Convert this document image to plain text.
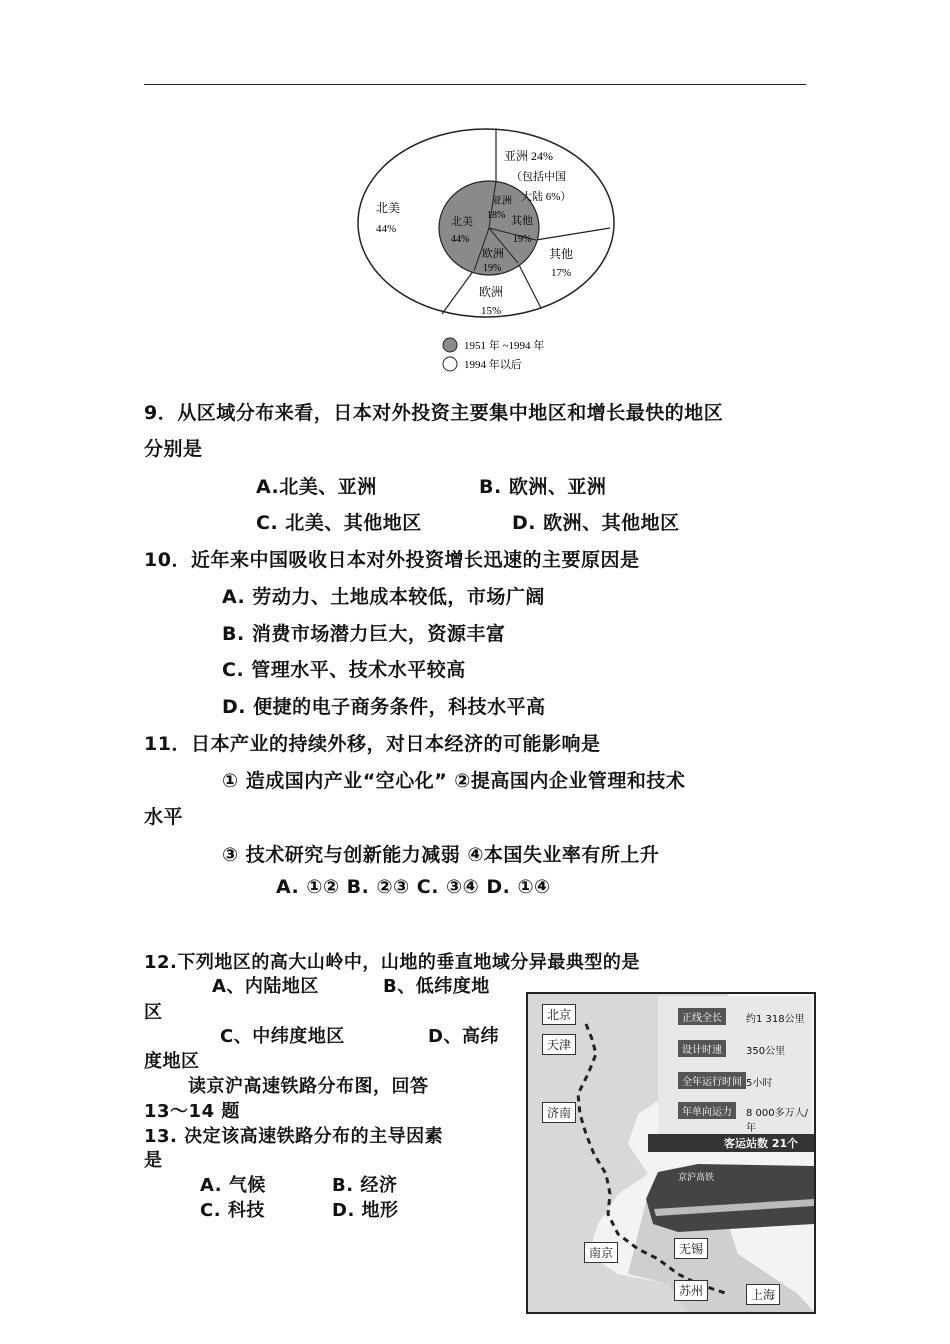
北美
44%
亚洲 24%
（包括中国
大陆 6%）
其他
17%
欧洲
15%
北美
44%
亚洲
18% 其他
19%
欧洲
19%
1951 年 ~1994 年
1994 年以后
9．从区域分布来看，日本对外投资主要集中地区和增长最快的地区
分别是
A.北美、亚洲	B. 欧洲、亚洲
C. 北美、其他地区	D. 欧洲、其他地区
10．近年来中国吸收日本对外投资增长迅速的主要原因是
A. 劳动力、土地成本较低，市场广阔
B. 消费市场潜力巨大，资源丰富
C. 管理水平、技术水平较高
D. 便捷的电子商务条件，科技水平高
11．日本产业的持续外移，对日本经济的可能影响是
① 造成国内产业“空心化” ②提高国内企业管理和技术
水平
③ 技术研究与创新能力减弱 ④本国失业率有所上升
A. ①② B. ②③ C. ③④ D. ①④
12.下列地区的高大山岭中，山地的垂直地域分异最典型的是
A、内陆地区	B、低纬度地
区
C、中纬度地区	D、高纬
度地区
读京沪高速铁路分布图，回答
13～14 题
13. 决定该高速铁路分布的主导因素
是
A. 气候	B. 经济
C. 科技	D. 地形
北京
天津
济南
南京	无锡
苏州	上海
正线全长	约1 318公里
设计时速	350公里
全年运行时间 5小时
年单向运力	8 000多万人/年
客运站数 21个
京沪高铁
